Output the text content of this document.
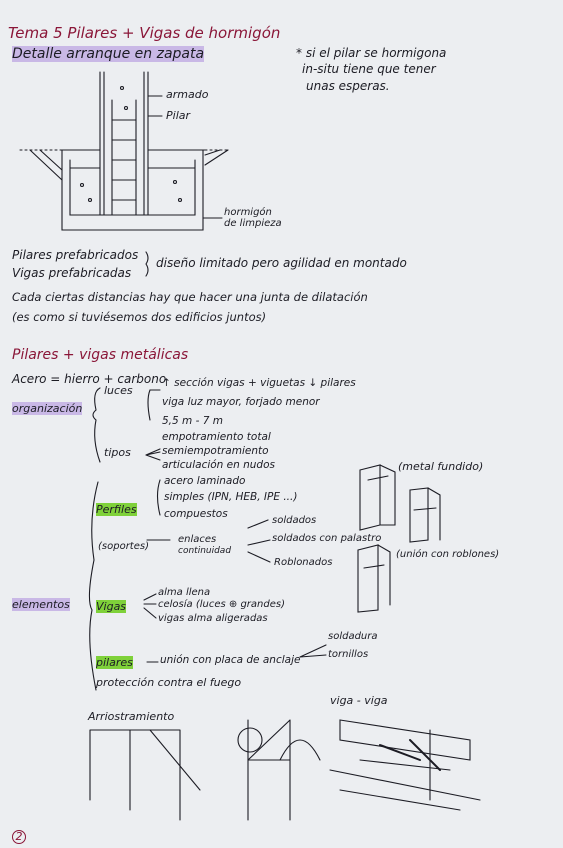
Tema 5 Pilares + Vigas de hormigón
Detalle arranque en zapata	* si el pilar se hormigona
in-situ tiene que tener
unas esperas.
armado
Pilar
hormigón
de limpieza
Pilares prefabricados
Vigas prefabricadas
diseño limitado pero agilidad en montado
Cada ciertas distancias hay que hacer una junta de dilatación
(es como si tuviésemos dos edificios juntos)
Pilares + vigas metálicas
Acero = hierro + carbono
organización
luces
↑ sección vigas + viguetas ↓ pilares
viga luz mayor, forjado menor
5,5 m - 7 m
tipos
empotramiento total
semiempotramiento
articulación en nudos
Perfiles
acero laminado
simples (IPN, HEB, IPE ...)
compuestos
(metal fundido)
(soportes)
enlaces
continuidad
soldados
soldados con palastro
Roblonados
(unión con roblones)
elementos Vigas
alma llena
celosía (luces ⊕ grandes)
vigas alma aligeradas
pilares	unión con placa de anclaje
soldadura
tornillos
protección contra el fuego
Arriostramiento
viga - viga
2
